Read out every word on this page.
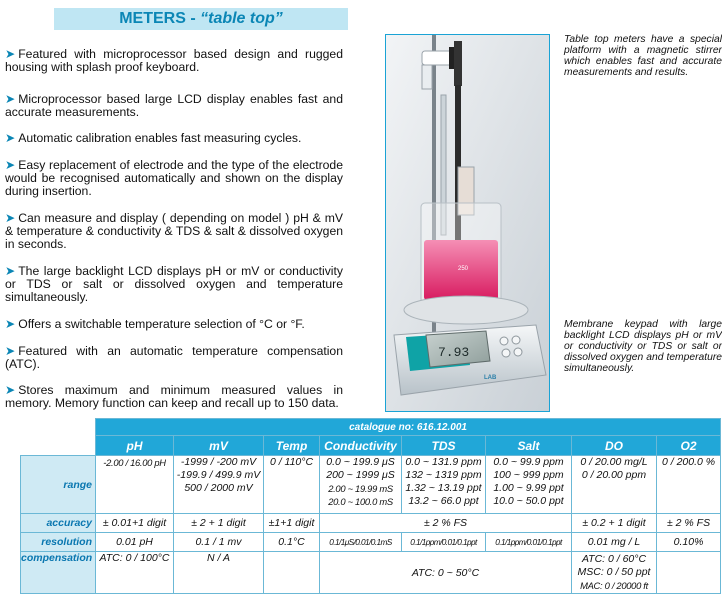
METERS - “table top”
➤ Featured with microprocessor based design and rugged housing with splash proof keyboard.
➤ Microprocessor based large LCD display enables fast and accurate measurements.
➤ Automatic calibration enables fast measuring cycles.
➤ Easy replacement of electrode and the type of the electrode would be recognised automatically and shown on the display during insertion.
➤ Can measure and display ( depending on model ) pH & mV & temperature & conductivity & TDS & salt & dissolved oxygen in seconds.
➤ The large backlight LCD displays pH or mV or conductivity or TDS or salt or dissolved oxygen and temperature simultaneously.
➤ Offers a switchable temperature selection of °C or °F.
➤ Featured with an automatic temperature compensation (ATC).
➤ Stores maximum and minimum measured values in memory. Memory function can keep and recall up to 150 data.
250
7.93
LAB
Table top meters have a special platform with a magnetic stirrer which enables fast and accurate measurements and results.
Membrane keypad with large backlight LCD displays pH or mV or conductivity or TDS or salt or dissolved oxygen and temperature simultaneously.
	catalogue no: 616.12.001							
	pH	mV	Temp	Conductivity	TDS	Salt	DO	O2
range	-2.00 / 16.00 pH	-1999 / -200 mV
-199.9 / 499.9 mV
500 / 2000 mV	0 / 110°C	0.0 ~ 199.9 μS
200 ~ 1999 μS
2.00 ~ 19.99 mS
20.0 ~ 100.0 mS	0.0 ~ 131.9 ppm
132 ~ 1319 ppm
1.32 ~ 13.19 ppt
13.2 ~ 66.0 ppt	0.0 ~ 99.9 ppm
100 ~ 999 ppm
1.00 ~ 9.99 ppt
10.0 ~ 50.0 ppt	0 / 20.00 mg/L
0 / 20.00 ppm	0 / 200.0 %

accuracy	± 0.01+1 digit	± 2 + 1 digit	±1+1 digit	± 2 % FS			± 0.2 + 1 digit	± 2 % FS
resolution	0.01 pH	0.1 / 1 mv	0.1°C	0.1/1μS/0.01/0.1mS	0.1/1ppm/0.01/0.1ppt	0.1/1ppm/0.01/0.1ppt	0.01 mg / L	0.10%
compensation	ATC: 0 / 100°C	N / A		ATC: 0 ~ 50°C			ATC: 0 / 60°C
MSC: 0 / 50 ppt
MAC: 0 / 20000 ft	
